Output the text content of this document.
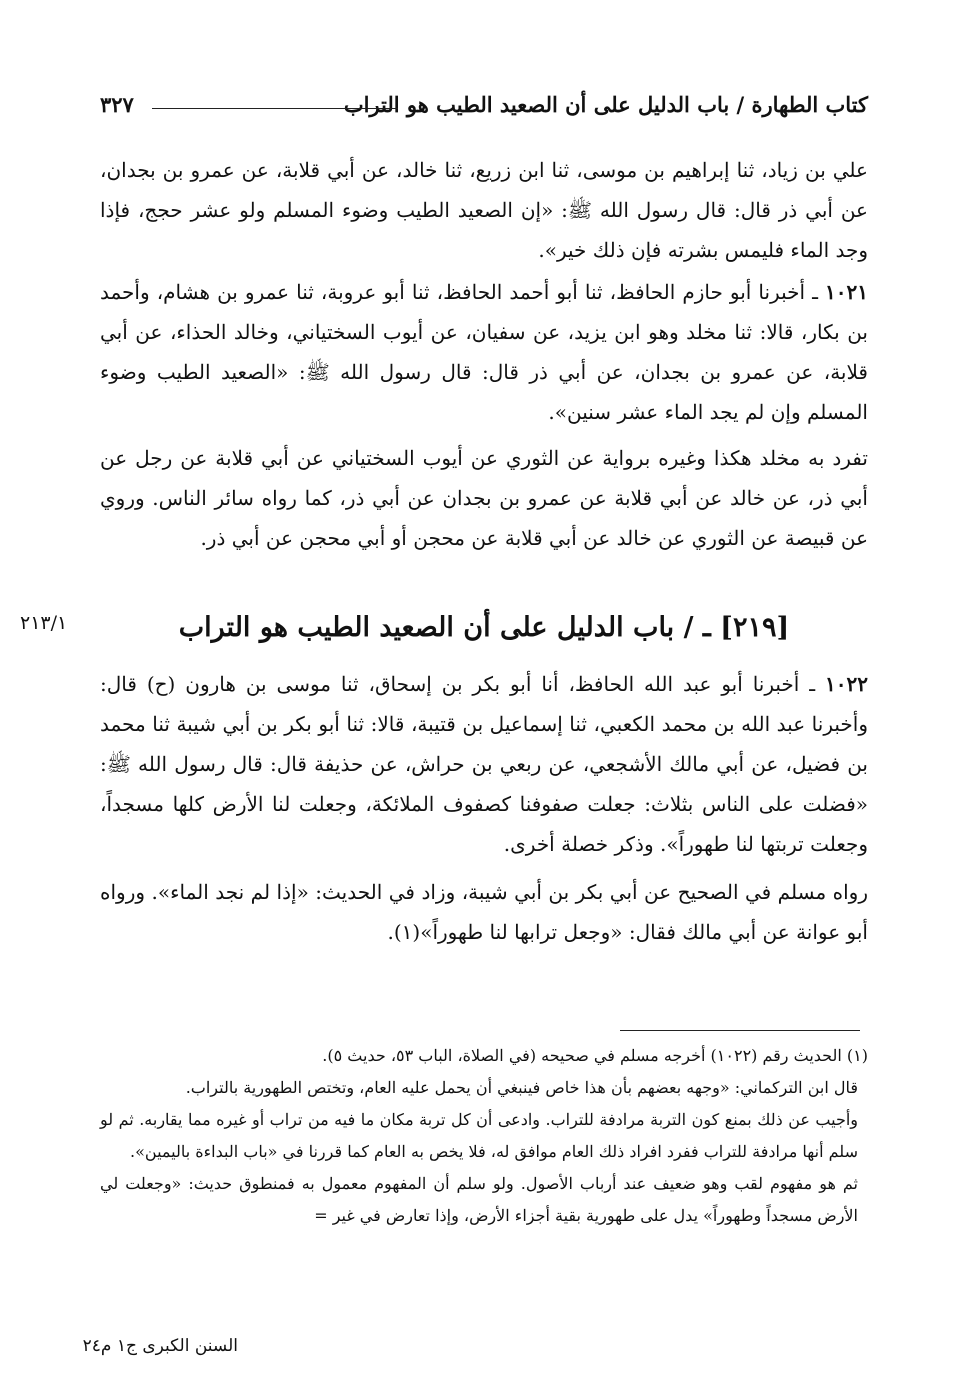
كتاب الطهارة / باب الدليل على أن الصعيد الطيب هو التراب
٣٢٧

علي بن زياد، ثنا إبراهيم بن موسى، ثنا ابن زريع، ثنا خالد، عن أبي قلابة، عن عمرو بن بجدان، عن أبي ذر قال: قال رسول الله ﷺ: «إن الصعيد الطيب وضوء المسلم ولو عشر حجج، فإذا وجد الماء فليمس بشرته فإن ذلك خير».

١٠٢١ ـ أخبرنا أبو حازم الحافظ، ثنا أبو أحمد الحافظ، ثنا أبو عروبة، ثنا عمرو بن هشام، وأحمد بن بكار، قالا: ثنا مخلد وهو ابن يزيد، عن سفيان، عن أيوب السختياني، وخالد الحذاء، عن أبي قلابة، عن عمرو بن بجدان، عن أبي ذر قال: قال رسول الله ﷺ: «الصعيد الطيب وضوء المسلم وإن لم يجد الماء عشر سنين».

تفرد به مخلد هكذا وغيره برواية عن الثوري عن أيوب السختياني عن أبي قلابة عن رجل عن أبي ذر، عن خالد عن أبي قلابة عن عمرو بن بجدان عن أبي ذر، كما رواه سائر الناس. وروي عن قبيصة عن الثوري عن خالد عن أبي قلابة عن محجن أو أبي محجن عن أبي ذر.

٢١٣/١	[٢١٩] ـ / باب الدليل على أن الصعيد الطيب هو التراب

١٠٢٢ ـ أخبرنا أبو عبد الله الحافظ، أنا أبو بكر بن إسحاق، ثنا موسى بن هارون (ح) قال: وأخبرنا عبد الله بن محمد الكعبي، ثنا إسماعيل بن قتيبة، قالا: ثنا أبو بكر بن أبي شيبة ثنا محمد بن فضيل، عن أبي مالك الأشجعي، عن ربعي بن حراش، عن حذيفة قال: قال رسول الله ﷺ: «فضلت على الناس بثلاث: جعلت صفوفنا كصفوف الملائكة، وجعلت لنا الأرض كلها مسجداً، وجعلت تربتها لنا طهوراً». وذكر خصلة أخرى.

رواه مسلم في الصحيح عن أبي بكر بن أبي شيبة، وزاد في الحديث: «إذا لم نجد الماء». ورواه أبو عوانة عن أبي مالك فقال: «وجعل ترابها لنا طهوراً»(١).

(١) الحديث رقم (١٠٢٢) أخرجه مسلم في صحيحه (في الصلاة، الباب ٥٣، حديث ٥).

قال ابن التركماني: «وجهه بعضهم بأن هذا خاص فينبغي أن يحمل عليه العام، وتختص الطهورية بالتراب.

وأجيب عن ذلك بمنع كون التربة مرادفة للتراب. وادعى أن كل تربة مكان ما فيه من تراب أو غيره مما يقاربه. ثم لو سلم أنها مرادفة للتراب ففرد افراد ذلك العام موافق له، فلا يخص به العام كما قررنا في «باب البداءة باليمين».

ثم هو مفهوم لقب وهو ضعيف عند أرباب الأصول. ولو سلم أن المفهوم معمول به فمنطوق حديث: «وجعلت لي الأرض مسجداً وطهوراً» يدل على طهورية بقية أجزاء الأرض، وإذا تعارض في غير =

السنن الكبرى ج١ م٢٤
